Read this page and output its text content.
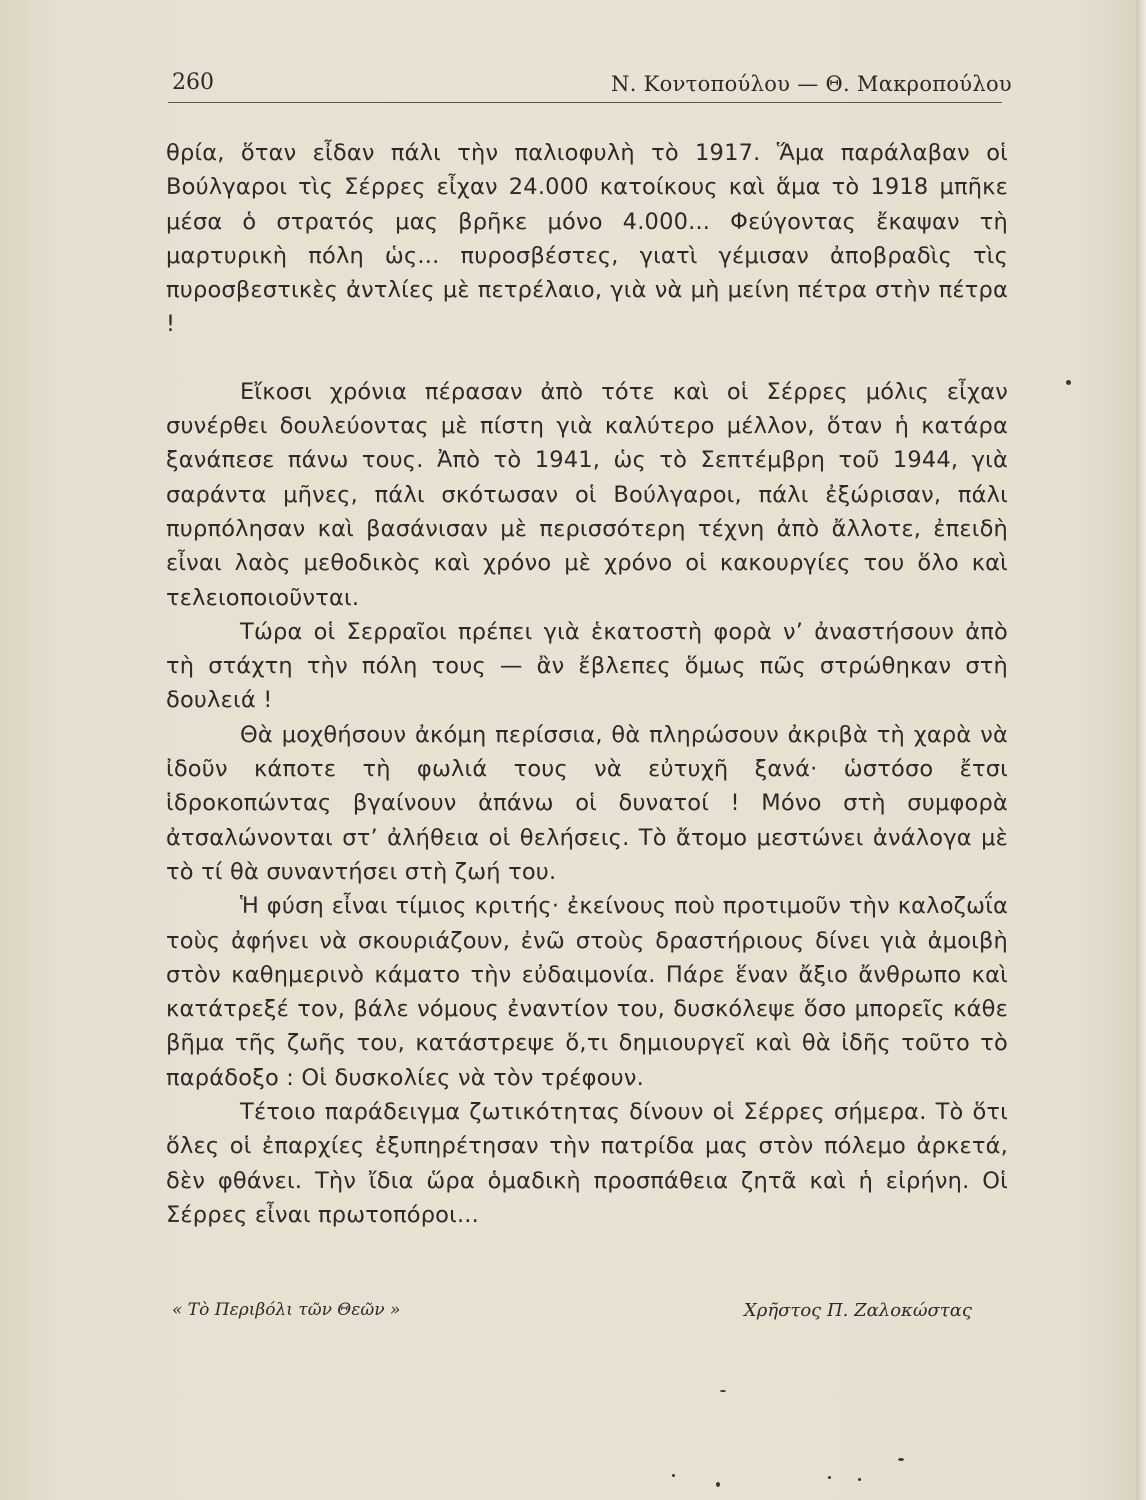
260	Ν. Κοντοπούλου — Θ. Μακροπούλου

θρία, ὅταν εἶδαν πάλι τὴν παλιοφυλὴ τὸ 1917. Ἅμα παράλαβαν οἱ Βούλγαροι τὶς Σέρρες εἶχαν 24.000 κατοίκους καὶ ἅμα τὸ 1918 μπῆκε μέσα ὁ στρατός μας βρῆκε μόνο 4.000... Φεύγοντας ἔκαψαν τὴ μαρτυρικὴ πόλη ὡς... πυροσβέστες, γιατὶ γέμισαν ἀποβραδὶς τὶς πυροσβεστικὲς ἀντλίες μὲ πετρέλαιο, γιὰ νὰ μὴ μείνη πέτρα στὴν πέτρα !

Εἴκοσι χρόνια πέρασαν ἀπὸ τότε καὶ οἱ Σέρρες μόλις εἶχαν συνέρθει δουλεύοντας μὲ πίστη γιὰ καλύτερο μέλλον, ὅταν ἡ κατάρα ξανάπεσε πάνω τους. Ἀπὸ τὸ 1941, ὡς τὸ Σεπτέμβρη τοῦ 1944, γιὰ σαράντα μῆνες, πάλι σκότωσαν οἱ Βούλγαροι, πάλι ἐξώρισαν, πάλι πυρπόλησαν καὶ βασάνισαν μὲ περισσότερη τέχνη ἀπὸ ἄλλοτε, ἐπειδὴ εἶναι λαὸς μεθοδικὸς καὶ χρόνο μὲ χρόνο οἱ κακουργίες του ὅλο καὶ τελειοποιοῦνται.

Τώρα οἱ Σερραῖοι πρέπει γιὰ ἑκατοστὴ φορὰ ν’ ἀναστήσουν ἀπὸ τὴ στάχτη τὴν πόλη τους — ἂν ἔβλεπες ὅμως πῶς στρώθηκαν στὴ δουλειά !

Θὰ μοχθήσουν ἀκόμη περίσσια, θὰ πληρώσουν ἀκριβὰ τὴ χαρὰ νὰ ἰδοῦν κάποτε τὴ φωλιά τους νὰ εὐτυχῆ ξανά· ὡστόσο ἔτσι ἱδροκοπώντας βγαίνουν ἀπάνω οἱ δυνατοί ! Μόνο στὴ συμφορὰ ἀτσαλώνονται στ’ ἀλήθεια οἱ θελήσεις. Τὸ ἄτομο μεστώνει ἀνάλογα μὲ τὸ τί θὰ συναντήσει στὴ ζωή του.

Ἡ φύση εἶναι τίμιος κριτής· ἐκείνους ποὺ προτιμοῦν τὴν καλοζωΐα τοὺς ἀφήνει νὰ σκουριάζουν, ἐνῶ στοὺς δραστήριους δίνει γιὰ ἀμοιβὴ στὸν καθημερινὸ κάματο τὴν εὐδαιμονία. Πάρε ἕναν ἄξιο ἄνθρωπο καὶ κατάτρεξέ τον, βάλε νόμους ἐναντίον του, δυσκόλεψε ὅσο μπορεῖς κάθε βῆμα τῆς ζωῆς του, κατάστρεψε ὅ,τι δημιουργεῖ καὶ θὰ ἰδῆς τοῦτο τὸ παράδοξο : Οἱ δυσκολίες νὰ τὸν τρέφουν.

Τέτοιο παράδειγμα ζωτικότητας δίνουν οἱ Σέρρες σήμερα. Τὸ ὅτι ὅλες οἱ ἐπαρχίες ἐξυπηρέτησαν τὴν πατρίδα μας στὸν πόλεμο ἀρκετά, δὲν φθάνει. Τὴν ἴδια ὥρα ὁμαδικὴ προσπάθεια ζητᾶ καὶ ἡ εἰρήνη. Οἱ Σέρρες εἶναι πρωτοπόροι...

« Τὸ Περιβόλι τῶν Θεῶν »	Χρῆστος Π. Ζαλοκώστας
